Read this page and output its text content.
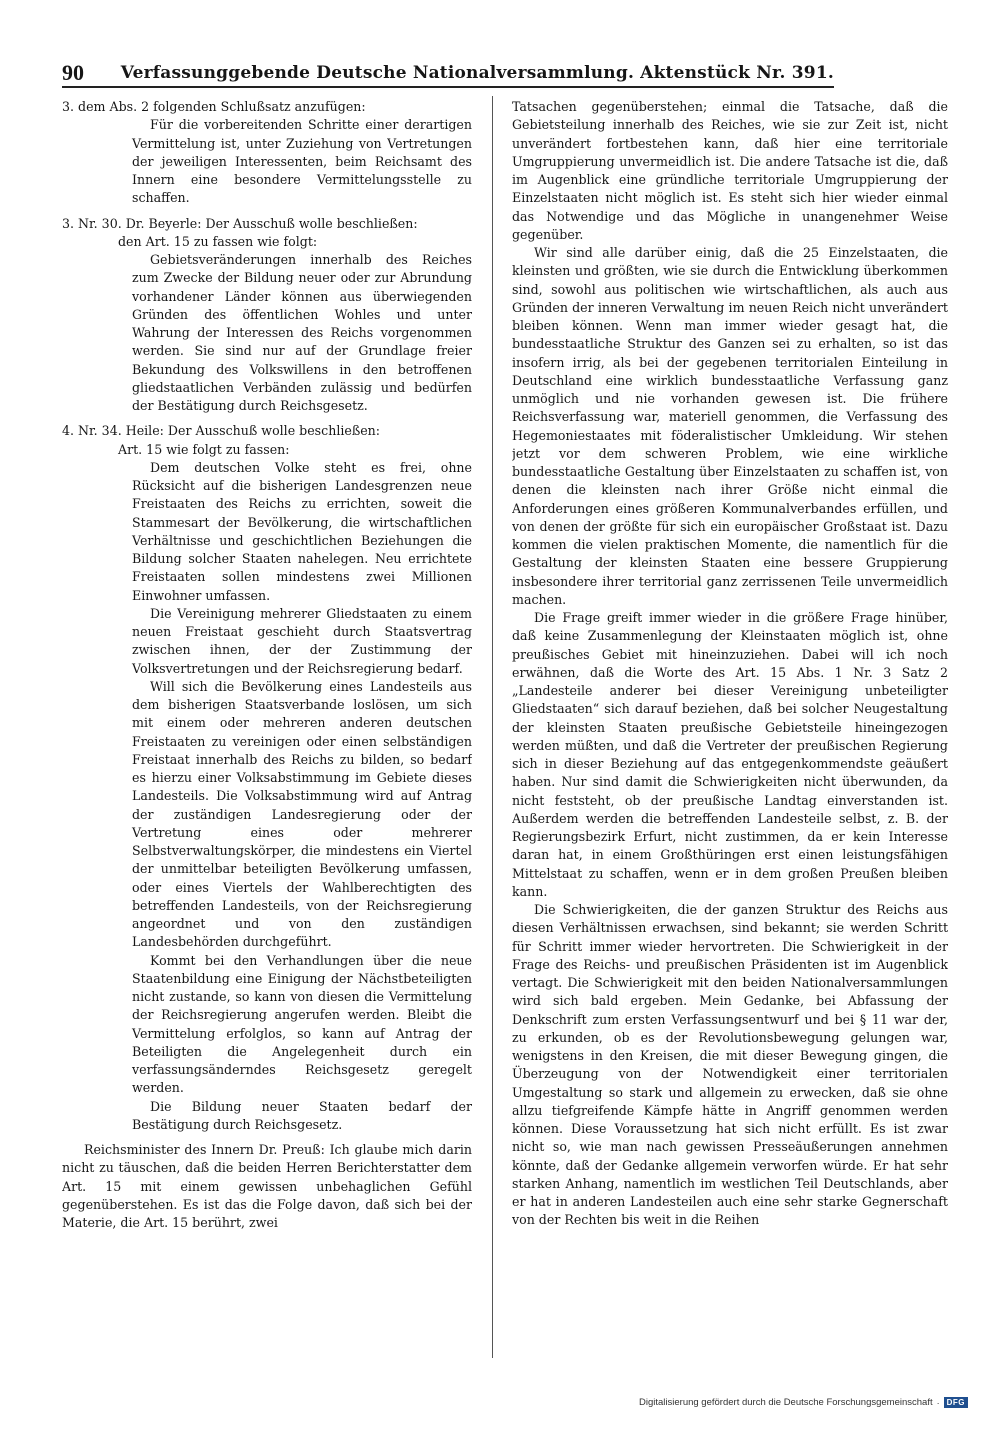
90	Verfassunggebende Deutsche Nationalversammlung. Aktenstück Nr. 391.

3. dem Abs. 2 folgenden Schlußsatz anzufügen:

Für die vorbereitenden Schritte einer derartigen Vermittelung ist, unter Zuziehung von Vertretungen der jeweiligen Interessenten, beim Reichsamt des Innern eine besondere Vermittelungsstelle zu schaffen.

3. Nr. 30. Dr. Beyerle: Der Ausschuß wolle beschließen:

den Art. 15 zu fassen wie folgt:

Gebietsveränderungen innerhalb des Reiches zum Zwecke der Bildung neuer oder zur Abrundung vorhandener Länder können aus überwiegenden Gründen des öffentlichen Wohles und unter Wahrung der Interessen des Reichs vorgenommen werden. Sie sind nur auf der Grundlage freier Bekundung des Volkswillens in den betroffenen gliedstaatlichen Verbänden zulässig und bedürfen der Bestätigung durch Reichsgesetz.

4. Nr. 34. Heile: Der Ausschuß wolle beschließen:

Art. 15 wie folgt zu fassen:

Dem deutschen Volke steht es frei, ohne Rücksicht auf die bisherigen Landesgrenzen neue Freistaaten des Reichs zu errichten, soweit die Stammesart der Bevölkerung, die wirtschaftlichen Verhältnisse und geschichtlichen Beziehungen die Bildung solcher Staaten nahelegen. Neu errichtete Freistaaten sollen mindestens zwei Millionen Einwohner umfassen.

Die Vereinigung mehrerer Gliedstaaten zu einem neuen Freistaat geschieht durch Staatsvertrag zwischen ihnen, der der Zustimmung der Volksvertretungen und der Reichsregierung bedarf.

Will sich die Bevölkerung eines Landesteils aus dem bisherigen Staatsverbande loslösen, um sich mit einem oder mehreren anderen deutschen Freistaaten zu vereinigen oder einen selbständigen Freistaat innerhalb des Reichs zu bilden, so bedarf es hierzu einer Volksabstimmung im Gebiete dieses Landesteils. Die Volksabstimmung wird auf Antrag der zuständigen Landesregierung oder der Vertretung eines oder mehrerer Selbstverwaltungskörper, die mindestens ein Viertel der unmittelbar beteiligten Bevölkerung umfassen, oder eines Viertels der Wahlberechtigten des betreffenden Landesteils, von der Reichsregierung angeordnet und von den zuständigen Landesbehörden durchgeführt.

Kommt bei den Verhandlungen über die neue Staatenbildung eine Einigung der Nächstbeteiligten nicht zustande, so kann von diesen die Vermittelung der Reichsregierung angerufen werden. Bleibt die Vermittelung erfolglos, so kann auf Antrag der Beteiligten die Angelegenheit durch ein verfassungsänderndes Reichsgesetz geregelt werden.

Die Bildung neuer Staaten bedarf der Bestätigung durch Reichsgesetz.

Reichsminister des Innern Dr. Preuß: Ich glaube mich darin nicht zu täuschen, daß die beiden Herren Berichterstatter dem Art. 15 mit einem gewissen unbehaglichen Gefühl gegenüberstehen. Es ist das die Folge davon, daß sich bei der Materie, die Art. 15 berührt, zwei

Tatsachen gegenüberstehen; einmal die Tatsache, daß die Gebietsteilung innerhalb des Reiches, wie sie zur Zeit ist, nicht unverändert fortbestehen kann, daß hier eine territoriale Umgruppierung unvermeidlich ist. Die andere Tatsache ist die, daß im Augenblick eine gründliche territoriale Umgruppierung der Einzelstaaten nicht möglich ist. Es steht sich hier wieder einmal das Notwendige und das Mögliche in unangenehmer Weise gegenüber.

Wir sind alle darüber einig, daß die 25 Einzelstaaten, die kleinsten und größten, wie sie durch die Entwicklung überkommen sind, sowohl aus politischen wie wirtschaftlichen, als auch aus Gründen der inneren Verwaltung im neuen Reich nicht unverändert bleiben können. Wenn man immer wieder gesagt hat, die bundesstaatliche Struktur des Ganzen sei zu erhalten, so ist das insofern irrig, als bei der gegebenen territorialen Einteilung in Deutschland eine wirklich bundesstaatliche Verfassung ganz unmöglich und nie vorhanden gewesen ist. Die frühere Reichsverfassung war, materiell genommen, die Verfassung des Hegemoniestaates mit föderalistischer Umkleidung. Wir stehen jetzt vor dem schweren Problem, wie eine wirkliche bundesstaatliche Gestaltung über Einzelstaaten zu schaffen ist, von denen die kleinsten nach ihrer Größe nicht einmal die Anforderungen eines größeren Kommunalverbandes erfüllen, und von denen der größte für sich ein europäischer Großstaat ist. Dazu kommen die vielen praktischen Momente, die namentlich für die Gestaltung der kleinsten Staaten eine bessere Gruppierung insbesondere ihrer territorial ganz zerrissenen Teile unvermeidlich machen.

Die Frage greift immer wieder in die größere Frage hinüber, daß keine Zusammenlegung der Kleinstaaten möglich ist, ohne preußisches Gebiet mit hineinzuziehen. Dabei will ich noch erwähnen, daß die Worte des Art. 15 Abs. 1 Nr. 3 Satz 2 „Landesteile anderer bei dieser Vereinigung unbeteiligter Gliedstaaten“ sich darauf beziehen, daß bei solcher Neugestaltung der kleinsten Staaten preußische Gebietsteile hineingezogen werden müßten, und daß die Vertreter der preußischen Regierung sich in dieser Beziehung auf das entgegenkommendste geäußert haben. Nur sind damit die Schwierigkeiten nicht überwunden, da nicht feststeht, ob der preußische Landtag einverstanden ist. Außerdem werden die betreffenden Landesteile selbst, z. B. der Regierungsbezirk Erfurt, nicht zustimmen, da er kein Interesse daran hat, in einem Großthüringen erst einen leistungsfähigen Mittelstaat zu schaffen, wenn er in dem großen Preußen bleiben kann.

Die Schwierigkeiten, die der ganzen Struktur des Reichs aus diesen Verhältnissen erwachsen, sind bekannt; sie werden Schritt für Schritt immer wieder hervortreten. Die Schwierigkeit in der Frage des Reichs- und preußischen Präsidenten ist im Augenblick vertagt. Die Schwierigkeit mit den beiden Nationalversammlungen wird sich bald ergeben. Mein Gedanke, bei Abfassung der Denkschrift zum ersten Verfassungsentwurf und bei § 11 war der, zu erkunden, ob es der Revolutionsbewegung gelungen war, wenigstens in den Kreisen, die mit dieser Bewegung gingen, die Überzeugung von der Notwendigkeit einer territorialen Umgestaltung so stark und allgemein zu erwecken, daß sie ohne allzu tiefgreifende Kämpfe hätte in Angriff genommen werden können. Diese Voraussetzung hat sich nicht erfüllt. Es ist zwar nicht so, wie man nach gewissen Presseäußerungen annehmen könnte, daß der Gedanke allgemein verworfen würde. Er hat sehr starken Anhang, namentlich im westlichen Teil Deutschlands, aber er hat in anderen Landesteilen auch eine sehr starke Gegnerschaft von der Rechten bis weit in die Reihen

Digitalisierung gefördert durch die Deutsche Forschungsgemeinschaft · DFG
